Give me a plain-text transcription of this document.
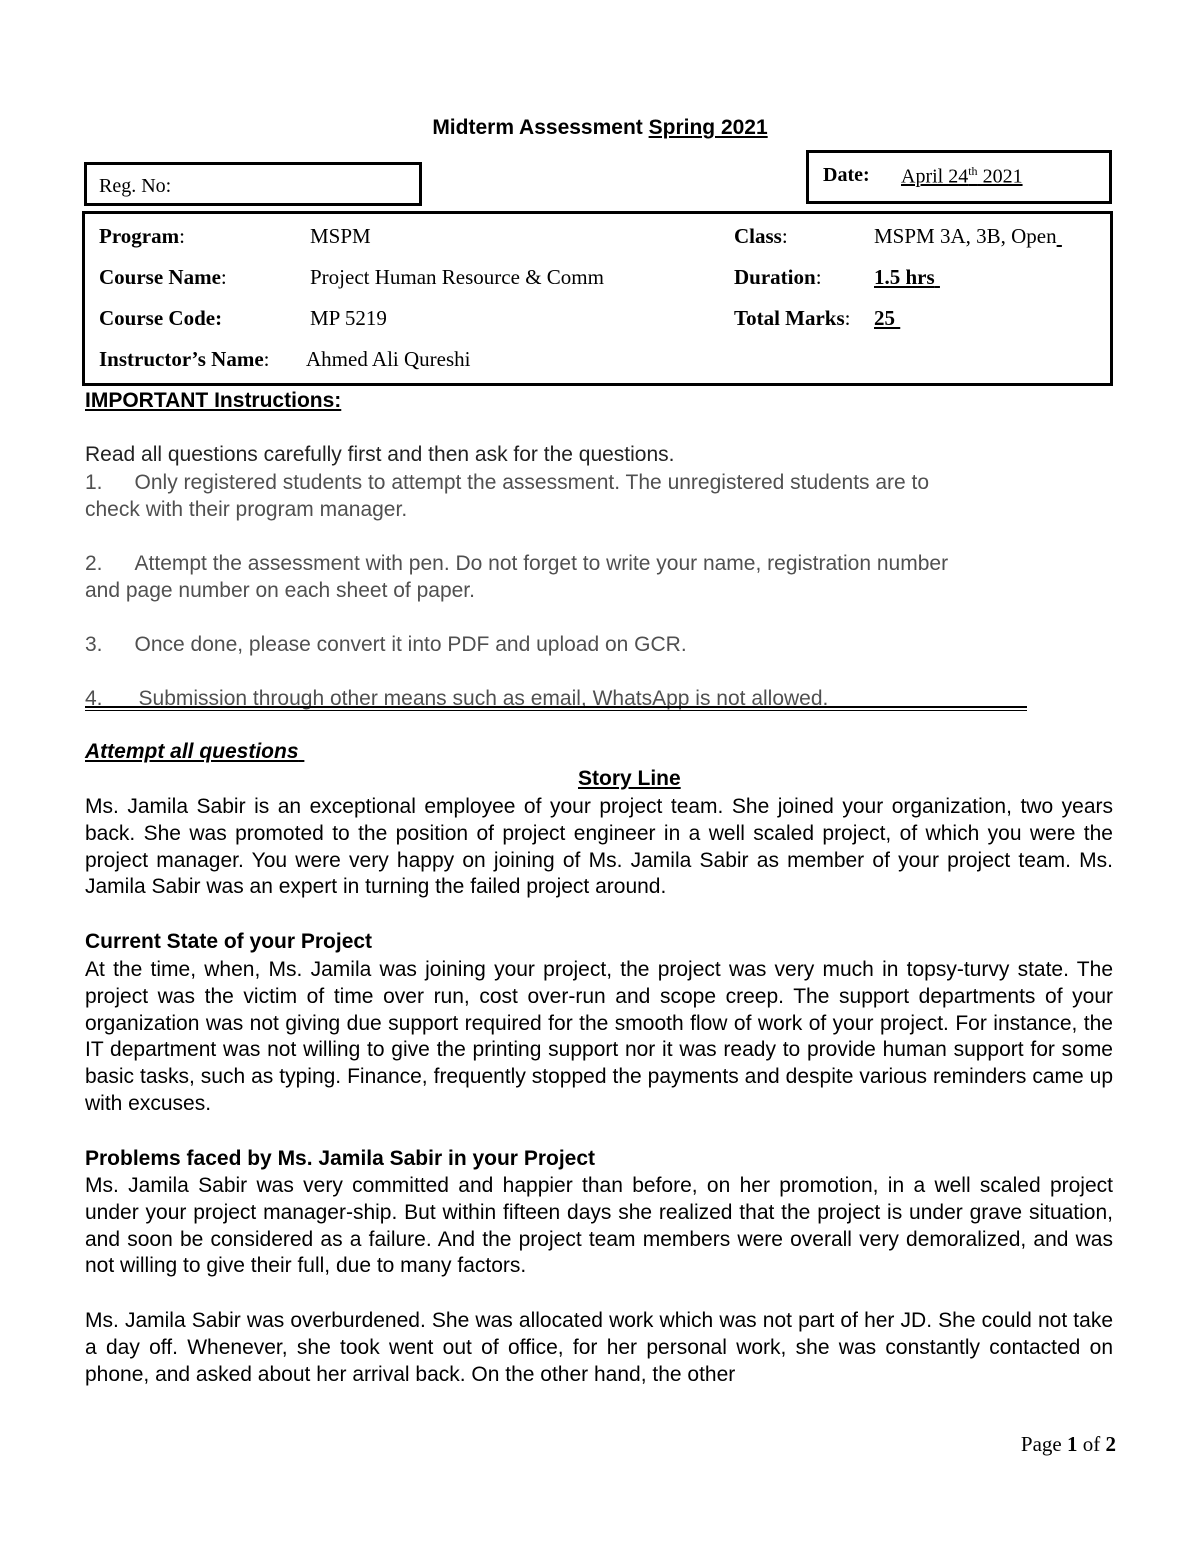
Midterm Assessment Spring 2021
Reg. No:	Date: April 24th 2021
Program:	MSPM	Class:	MSPM 3A, 3B, Open
Course Name:	Project Human Resource & Comm	Duration: 1.5 hrs
Course Code:	MP 5219	Total Marks: 25
Instructor’s Name: Ahmed Ali Qureshi
IMPORTANT Instructions:
Read all questions carefully first and then ask for the questions.
1. Only registered students to attempt the assessment. The unregistered students are to
check with their program manager.
2. Attempt the assessment with pen. Do not forget to write your name, registration number
and page number on each sheet of paper.
3. Once done, please convert it into PDF and upload on GCR.
4. Submission through other means such as email, WhatsApp is not allowed.
Attempt all questions
Story Line
Ms. Jamila Sabir is an exceptional employee of your project team. She joined your organization, two years back. She was promoted to the position of project engineer in a well scaled project, of which you were the project manager. You were very happy on joining of Ms. Jamila Sabir as member of your project team. Ms. Jamila Sabir was an expert in turning the failed project around.
Current State of your Project
At the time, when, Ms. Jamila was joining your project, the project was very much in topsy-turvy state. The project was the victim of time over run, cost over-run and scope creep. The support departments of your organization was not giving due support required for the smooth flow of work of your project. For instance, the IT department was not willing to give the printing support nor it was ready to provide human support for some basic tasks, such as typing. Finance, frequently stopped the payments and despite various reminders came up with excuses.
Problems faced by Ms. Jamila Sabir in your Project
Ms. Jamila Sabir was very committed and happier than before, on her promotion, in a well scaled project under your project manager-ship. But within fifteen days she realized that the project is under grave situation, and soon be considered as a failure. And the project team members were overall very demoralized, and was not willing to give their full, due to many factors.
Ms. Jamila Sabir was overburdened. She was allocated work which was not part of her JD. She could not take a day off. Whenever, she took went out of office, for her personal work, she was constantly contacted on phone, and asked about her arrival back. On the other hand, the other
Page 1 of 2
